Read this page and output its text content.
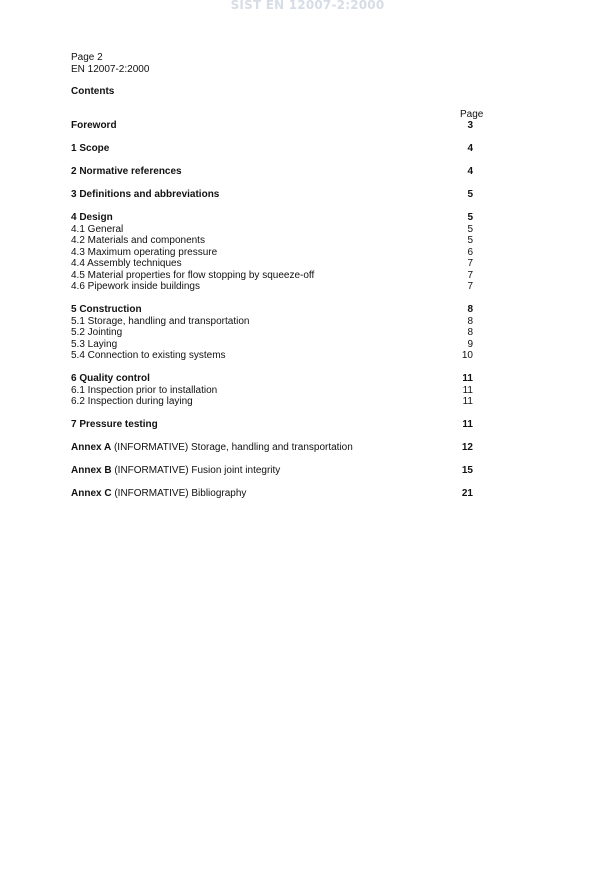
SIST EN 12007-2:2000
Page 2
EN 12007-2:2000
Contents
Page
Foreword	3
1 Scope	4
2 Normative references	4
3 Definitions and abbreviations	5
4 Design	5
4.1 General	5
4.2 Materials and components	5
4.3 Maximum operating pressure	6
4.4 Assembly techniques	7
4.5 Material properties for flow stopping by squeeze-off	7
4.6 Pipework inside buildings	7
5 Construction	8
5.1 Storage, handling and transportation	8
5.2 Jointing	8
5.3 Laying	9
5.4 Connection to existing systems	10
6 Quality control	11
6.1 Inspection prior to installation	11
6.2 Inspection during laying	11
7 Pressure testing	11
Annex A (INFORMATIVE) Storage, handling and transportation	12
Annex B (INFORMATIVE) Fusion joint integrity	15
Annex C (INFORMATIVE) Bibliography	21
